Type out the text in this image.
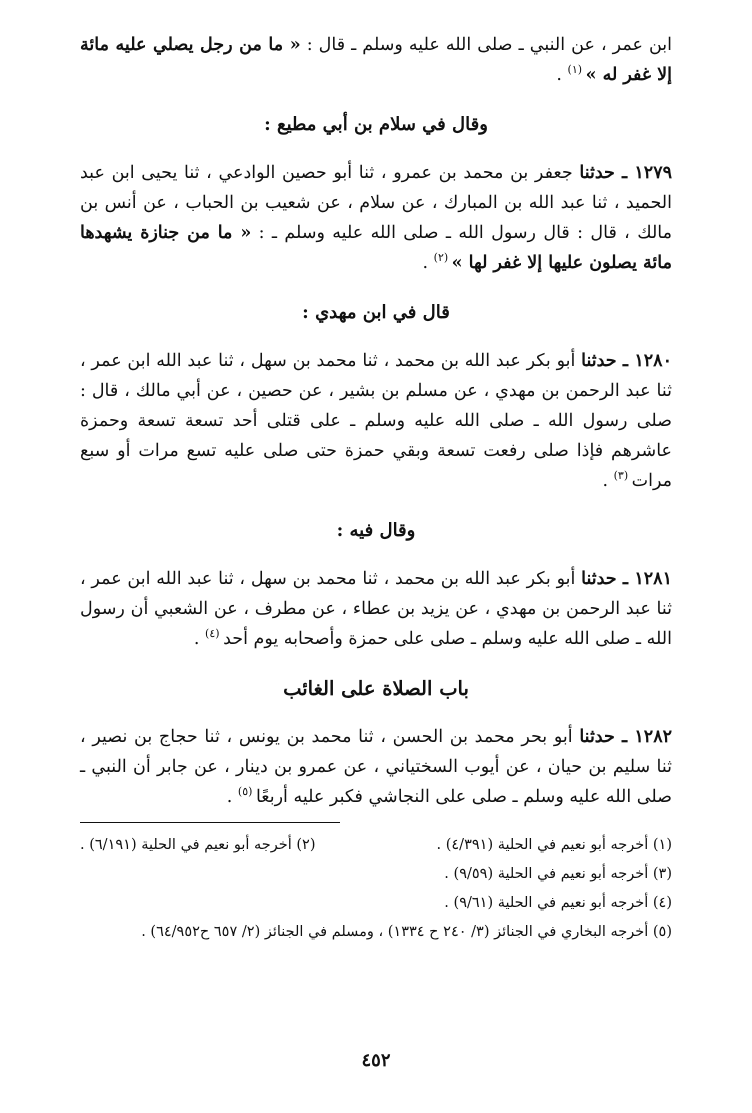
ابن عمر ، عن النبي ـ صلى الله عليه وسلم ـ قال : « ما من رجل يصلي عليه مائة إلا غفر له » $^{(١)}$ .

وقال في سلام بن أبي مطيع :

١٢٧٩ ـ حدثنا جعفر بن محمد بن عمرو ، ثنا أبو حصين الوادعي ، ثنا يحيى ابن عبد الحميد ، ثنا عبد الله بن المبارك ، عن سلام ، عن شعيب بن الحباب ، عن أنس بن مالك ، قال : قال رسول الله ـ صلى الله عليه وسلم ـ : « ما من جنازة يشهدها مائة يصلون عليها إلا غفر لها » $^{(٢)}$ .

قال في ابن مهدي :

١٢٨٠ ـ حدثنا أبو بكر عبد الله بن محمد ، ثنا محمد بن سهل ، ثنا عبد الله ابن عمر ، ثنا عبد الرحمن بن مهدي ، عن مسلم بن بشير ، عن حصين ، عن أبي مالك ، قال : صلى رسول الله ـ صلى الله عليه وسلم ـ على قتلى أحد تسعة تسعة وحمزة عاشرهم فإذا صلى رفعت تسعة وبقي حمزة حتى صلى عليه تسع مرات أو سبع مرات $^{(٣)}$ .

وقال فيه :

١٢٨١ ـ حدثنا أبو بكر عبد الله بن محمد ، ثنا محمد بن سهل ، ثنا عبد الله ابن عمر ، ثنا عبد الرحمن بن مهدي ، عن يزيد بن عطاء ، عن مطرف ، عن الشعبي أن رسول الله ـ صلى الله عليه وسلم ـ صلى على حمزة وأصحابه يوم أحد $^{(٤)}$ .

باب الصلاة على الغائب

١٢٨٢ ـ حدثنا أبو بحر محمد بن الحسن ، ثنا محمد بن يونس ، ثنا حجاج بن نصير ، ثنا سليم بن حيان ، عن أيوب السختياني ، عن عمرو بن دينار ، عن جابر أن النبي ـ صلى الله عليه وسلم ـ صلى على النجاشي فكبر عليه أربعًا $^{(٥)}$ .

(١) أخرجه أبو نعيم في الحلية (٤/٣٩١) .
(٢) أخرجه أبو نعيم في الحلية (٦/١٩١) .

(٣) أخرجه أبو نعيم في الحلية (٩/٥٩) .

(٤) أخرجه أبو نعيم في الحلية (٩/٦١) .

(٥) أخرجه البخاري في الجنائز (٣/ ٢٤٠ ح ١٣٣٤) ، ومسلم في الجنائز (٢/ ٦٥٧ ح٦٤/٩٥٢) .

٤٥٢
